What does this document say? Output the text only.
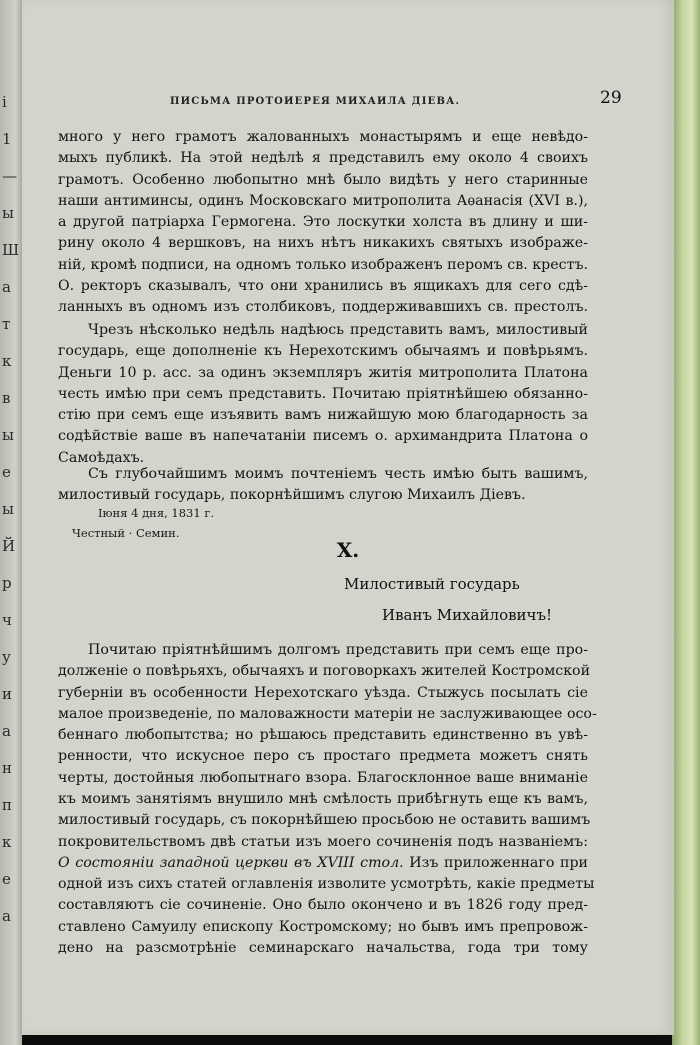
і
1
—
ы
Ш
а
т
к
в
ы
е
ы
Й
р
ч
у
и
а
н
п
к
е
а
ПИСЬМА ПРОТОИЕРЕЯ МИХАИЛА ДІЕВА.	29
много у него грамотъ жалованныхъ монастырямъ и еще невѣдо-
мыхъ публикѣ. На этой недѣлѣ я представилъ ему около 4 своихъ
грамотъ. Особенно любопытно мнѣ было видѣть у него старинные
наши антиминсы, одинъ Московскаго митрополита Аѳанасія (XVI в.),
а другой патріарха Гермогена. Это лоскутки холста въ длину и ши-
рину около 4 вершковъ, на нихъ нѣтъ никакихъ святыхъ изображе-
ній, кромѣ подписи, на одномъ только изображенъ перомъ св. крестъ.
О. ректоръ сказывалъ, что они хранились въ ящикахъ для сего сдѣ-
ланныхъ въ одномъ изъ столбиковъ, поддерживавшихъ св. престолъ.
Чрезъ нѣсколько недѣль надѣюсь представить вамъ, милостивый
государь, еще дополненіе къ Нерехотскимъ обычаямъ и повѣрьямъ.
Деньги 10 р. асс. за одинъ экземпляръ житія митрополита Платона
честь имѣю при семъ представить. Почитаю пріятнѣйшею обязанно-
стію при семъ еще изъявить вамъ нижайшую мою благодарность за
содѣйствіе ваше въ напечатаніи писемъ о. архимандрита Платона о
Самоѣдахъ.
Съ глубочайшимъ моимъ почтеніемъ честь имѣю быть вашимъ,
милостивый государь, покорнѣйшимъ слугою Михаилъ Діевъ.
Іюня 4 дня, 1831 г.
Честный · Семин.
X.
Милостивый государь
Иванъ Михайловичъ!
Почитаю пріятнѣйшимъ долгомъ представить при семъ еще про-
долженіе о повѣрьяхъ, обычаяхъ и поговоркахъ жителей Костромской
губерніи въ особенности Нерехотскаго уѣзда. Стыжусь посылать сіе
малое произведеніе, по маловажности матеріи не заслуживающее осо-
беннаго любопытства; но рѣшаюсь представить единственно въ увѣ-
ренности, что искусное перо съ простаго предмета можетъ снять
черты, достойныя любопытнаго взора. Благосклонное ваше вниманіе
къ моимъ занятіямъ внушило мнѣ смѣлость прибѣгнуть еще къ вамъ,
милостивый государь, съ покорнѣйшею просьбою не оставить вашимъ
покровительствомъ двѣ статьи изъ моего сочиненія подъ названіемъ:
О состояніи западной церкви въ XVIII стол. Изъ приложеннаго при
одной изъ сихъ статей оглавленія изволите усмотрѣть, какіе предметы
составляютъ сіе сочиненіе. Оно было окончено и въ 1826 году пред-
ставлено Самуилу епископу Костромскому; но бывъ имъ препровож-
дено на разсмотрѣніе семинарскаго начальства, года три тому
